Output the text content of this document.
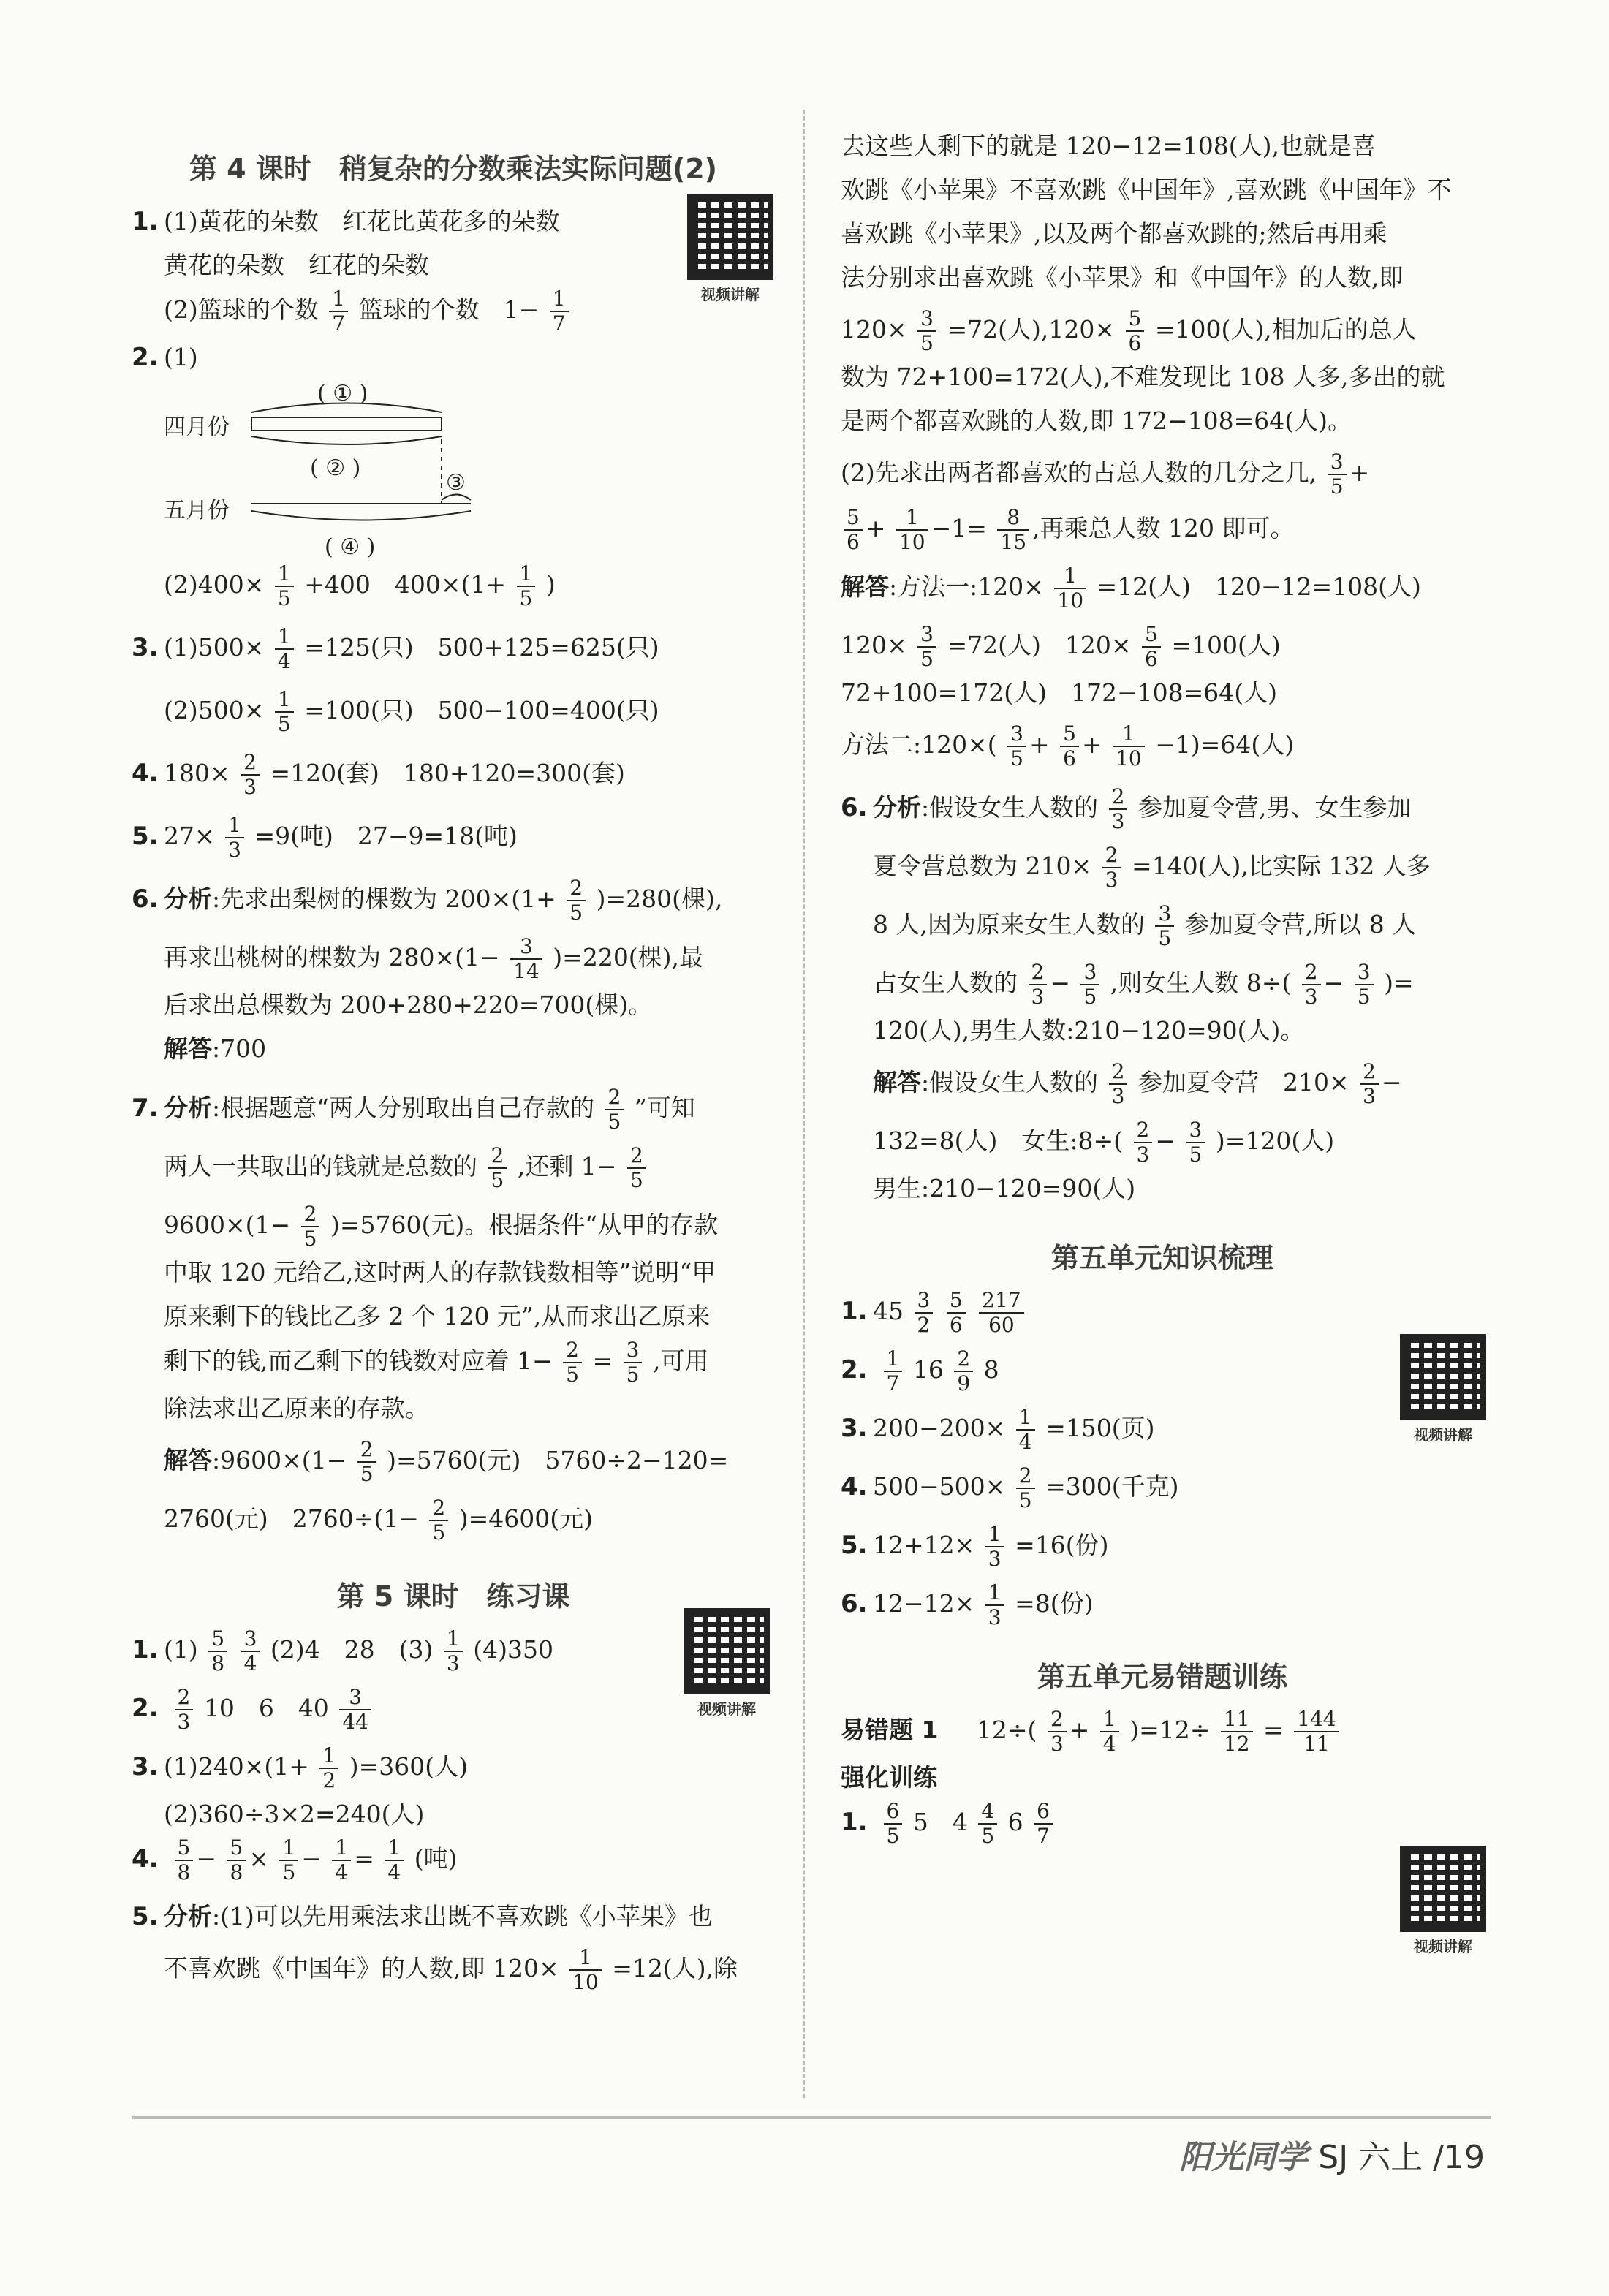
第 4 课时　稍复杂的分数乘法实际问题(2)
1. (1)黄花的朵数　红花比黄花多的朵数
黄花的朵数　红花的朵数
(2)篮球的个数 $\frac{1}{7}$ 篮球的个数　$1- \frac{1}{7}$
2. (1)
四月份
五月份
( ① )
( ② )
③
( ④ )
$(2)400\times \frac{1}{5} +400$　$400\times(1+ \frac{1}{5}$ )
3. $(1)500\times \frac{1}{4} =125$(只)　500+125=625(只)
$(2)500\times \frac{1}{5} =100$(只)　500−100=400(只)
4. $180\times \frac{2}{3} =120$(套)　180+120=300(套)
5. $27\times \frac{1}{3} =9$(吨)　27−9=18(吨)
6. 分析:先求出梨树的棵数为 $200\times(1+ \frac{2}{5} )=280$(棵),
再求出桃树的棵数为 $280\times(1- \frac{3}{14} )=220$(棵),最
后求出总棵数为 200+280+220=700(棵)。
解答:700
7. 分析:根据题意“两人分别取出自己存款的 $\frac{2}{5}$ ”可知
两人一共取出的钱就是总数的 $\frac{2}{5}$ ,还剩 $1- \frac{2}{5}$
$9600\times(1- \frac{2}{5} )=5760$(元)。根据条件“从甲的存款
中取 120 元给乙,这时两人的存款钱数相等”说明“甲
原来剩下的钱比乙多 2 个 120 元”,从而求出乙原来
剩下的钱,而乙剩下的钱数对应着 $1- \frac{2}{5} = \frac{3}{5}$ ,可用
除法求出乙原来的存款。
解答:9600×(1− $\frac{2}{5} )=5760$(元)　5760÷2−120=
2760(元)　$2760\div(1- \frac{2}{5} )=4600$(元)
第 5 课时　练习课
1. $(1) \frac{5}{8}$
$\frac{3}{4} (2)4$　28　$(3) \frac{1}{3} (4)350$
2. $\frac{2}{3} 10$　6　$40 \frac{3}{44}$
3. $(1)240\times(1+ \frac{1}{2} )=360$(人)
(2)360÷3×2=240(人)
4. $\frac{5}{8} - \frac{5}{8} \times \frac{1}{5} - \frac{1}{4} = \frac{1}{4}$ (吨)
5. 分析:(1)可以先用乘法求出既不喜欢跳《小苹果》也
不喜欢跳《中国年》的人数,即 $120\times \frac{1}{10} =12$(人),除
视频讲解
视频讲解
去这些人剩下的就是 120−12=108(人),也就是喜
欢跳《小苹果》不喜欢跳《中国年》,喜欢跳《中国年》不
喜欢跳《小苹果》,以及两个都喜欢跳的;然后再用乘
法分别求出喜欢跳《小苹果》和《中国年》的人数,即
$120\times \frac{3}{5} =72$(人)$,120\times \frac{5}{6} =100$(人),相加后的总人
数为 72+100=172(人),不难发现比 108 人多,多出的就
是两个都喜欢跳的人数,即 172−108=64(人)。
(2)先求出两者都喜欢的占总人数的几分之几, $\frac{3}{5}$ +
$\frac{5}{6} + \frac{1}{10} -1= \frac{8}{15}$ ,再乘总人数 120 即可。
解答:方法一:120× $\frac{1}{10} =12$(人)　120−12=108(人)
$120\times \frac{3}{5} =72$(人)　$120\times \frac{5}{6} =100$(人)
72+100=172(人)　172−108=64(人)
方法二:120×( $\frac{3}{5} + \frac{5}{6} + \frac{1}{10} -1)=64$(人)
6. 分析:假设女生人数的 $\frac{2}{3}$ 参加夏令营,男、女生参加
夏令营总数为 $210\times \frac{2}{3} =140$(人),比实际 132 人多
8 人,因为原来女生人数的 $\frac{3}{5}$ 参加夏令营,所以 8 人
占女生人数的 $\frac{2}{3} - \frac{3}{5}$ ,则女生人数 $8\div( \frac{2}{3} - \frac{3}{5}$ )=
120(人),男生人数:210−120=90(人)。
解答:假设女生人数的 $\frac{2}{3}$ 参加夏令营　$210\times \frac{2}{3}$ −
132=8(人)　女生:8÷( $\frac{2}{3} - \frac{3}{5} )=120$(人)
男生:210−120=90(人)
第五单元知识梳理
1. $45 \frac{3}{2}$
$\frac{5}{6}$
$\frac{217}{60}$
2. $\frac{1}{7} 16 \frac{2}{9} 8$
3. $200-200\times \frac{1}{4} =150$(页)
4. $500-500\times \frac{2}{5} =300$(千克)
5. $12+12\times \frac{1}{3} =16$(份)
6. $12-12\times \frac{1}{3} =8$(份)
第五单元易错题训练
易错题 1 $12\div( \frac{2}{3} + \frac{1}{4} )=12\div \frac{11}{12} = \frac{144}{11}$
强化训练
1. $\frac{6}{5} 5$　$4 \frac{4}{5} 6 \frac{6}{7}$
视频讲解
视频讲解
阳光同学 SJ 六上 /19
